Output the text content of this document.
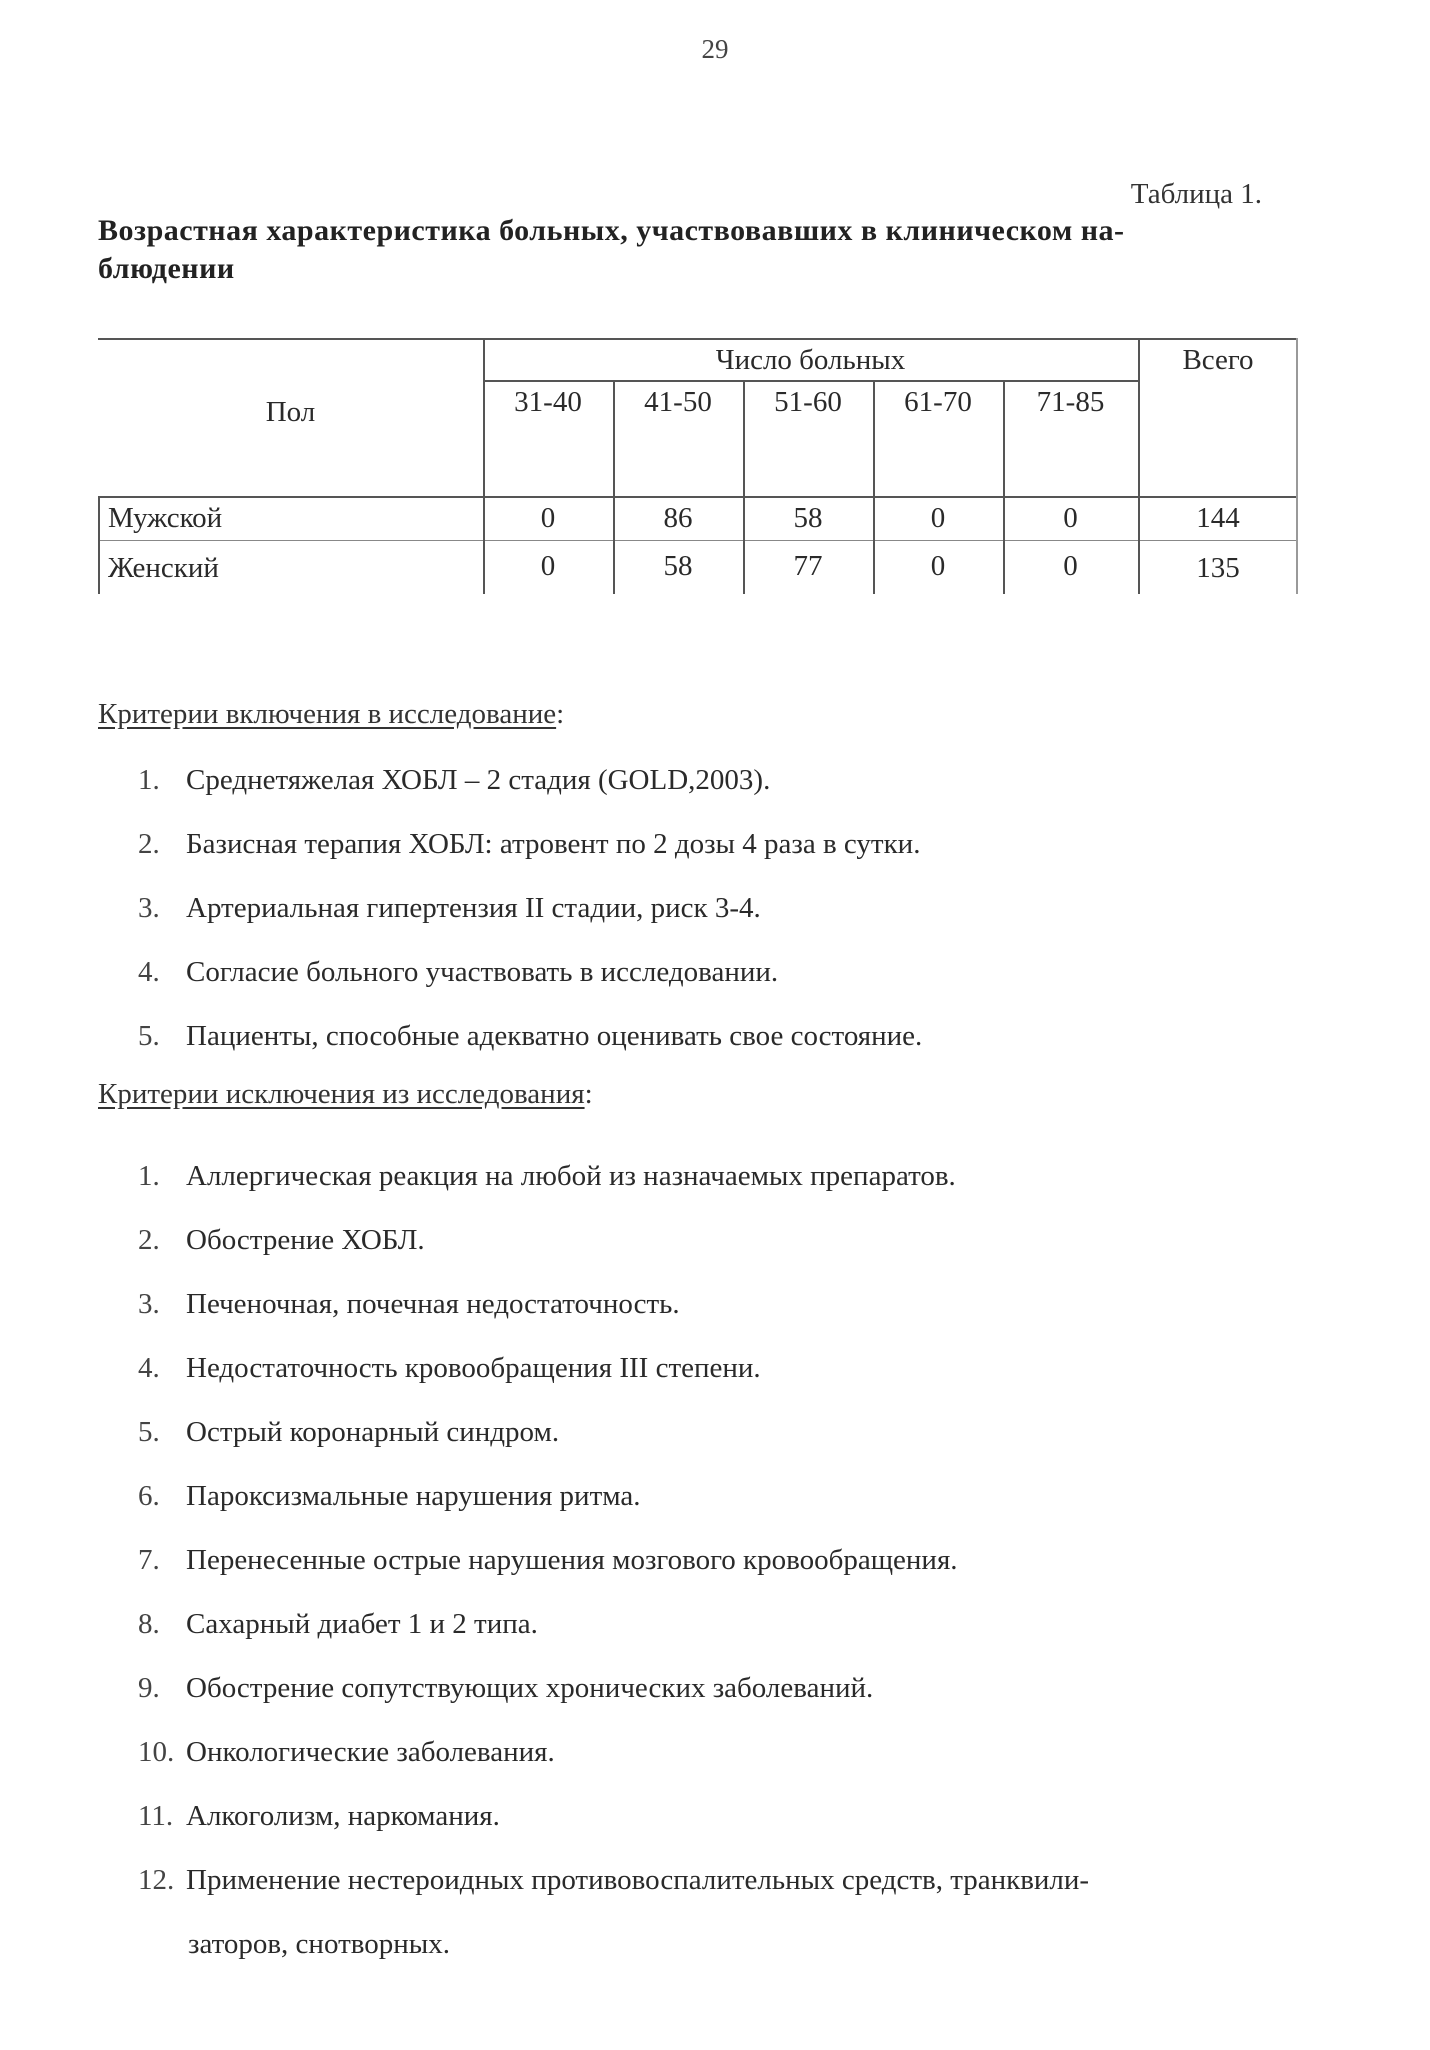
29
Таблица 1.
Возрастная характеристика больных, участвовавших в клиническом на-
блюдении
Пол
Число больных	Всего
31-40	41-50	51-60	61-70	71-85
Мужской	0	86	58	0	0	144
Женский	0	58	77	0	0	135
Критерии включения в исследование:
1. Среднетяжелая ХОБЛ – 2 стадия (GOLD,2003).
2. Базисная терапия ХОБЛ: атровент по 2 дозы 4 раза в сутки.
3. Артериальная гипертензия II стадии, риск 3-4.
4. Согласие больного участвовать в исследовании.
5. Пациенты, способные адекватно оценивать свое состояние.
Критерии исключения из исследования:
1. Аллергическая реакция на любой из назначаемых препаратов.
2. Обострение ХОБЛ.
3. Печеночная, почечная недостаточность.
4. Недостаточность кровообращения III степени.
5. Острый коронарный синдром.
6. Пароксизмальные нарушения ритма.
7. Перенесенные острые нарушения мозгового кровообращения.
8. Сахарный диабет 1 и 2 типа.
9. Обострение сопутствующих хронических заболеваний.
10. Онкологические заболевания.
11. Алкоголизм, наркомания.
12. Применение нестероидных противовоспалительных средств, транквили-
заторов, снотворных.
